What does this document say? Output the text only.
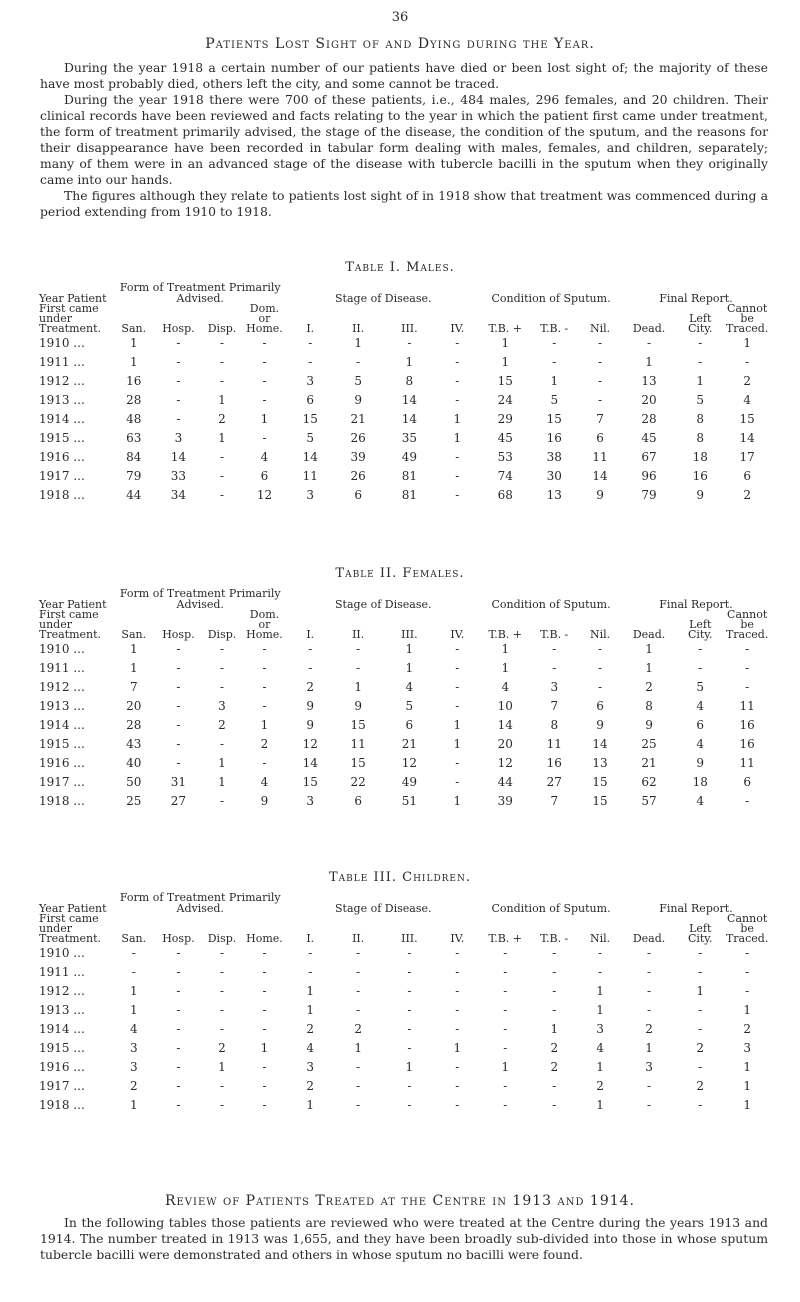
36
Patients Lost Sight of and Dying during the Year.

During the year 1918 a certain number of our patients have died or been lost sight of; the majority of these have most probably died, others left the city, and some cannot be traced.

During the year 1918 there were 700 of these patients, i.e., 484 males, 296 females, and 20 children. Their clinical records have been reviewed and facts relating to the year in which the patient first came under treatment, the form of treatment primarily advised, the stage of the disease, the condition of the sputum, and the reasons for their disappearance have been recorded in tabular form dealing with males, females, and children, separately; many of them were in an advanced stage of the disease with tubercle bacilli in the sputum when they originally came into our hands.

The figures although they relate to patients lost sight of in 1918 show that treatment was commenced during a period extending from 1910 to 1918.

Table I. Males.
Year Patient	Form of Treatment Primarily Advised.				Stage of Disease.				Condition of Sputum.			Final Report.		
First came				Dom.										Cannot
under				or									Left	be
Treatment.	San.	Hosp.	Disp.	Home.	I.	II.	III.	IV.	T.B. +	T.B. -	Nil.	Dead.	City.	Traced.
1910 ...	1	-	-	-	-	1	-	-	1	-	-	-	-	1
1911 ...	1	-	-	-	-	-	1	-	1	-	-	1	-	-
1912 ...	16	-	-	-	3	5	8	-	15	1	-	13	1	2
1913 ...	28	-	1	-	6	9	14	-	24	5	-	20	5	4
1914 ...	48	-	2	1	15	21	14	1	29	15	7	28	8	15
1915 ...	63	3	1	-	5	26	35	1	45	16	6	45	8	14
1916 ...	84	14	-	4	14	39	49	-	53	38	11	67	18	17
1917 ...	79	33	-	6	11	26	81	-	74	30	14	96	16	6
1918 ...	44	34	-	12	3	6	81	-	68	13	9	79	9	2
Table II. Females.
Year Patient	Form of Treatment Primarily Advised.				Stage of Disease.				Condition of Sputum.			Final Report.		
First came				Dom.										Cannot
under				or									Left	be
Treatment.	San.	Hosp.	Disp.	Home.	I.	II.	III.	IV.	T.B. +	T.B. -	Nil.	Dead.	City.	Traced.
1910 ...	1	-	-	-	-	-	1	-	1	-	-	1	-	-
1911 ...	1	-	-	-	-	-	1	-	1	-	-	1	-	-
1912 ...	7	-	-	-	2	1	4	-	4	3	-	2	5	-
1913 ...	20	-	3	-	9	9	5	-	10	7	6	8	4	11
1914 ...	28	-	2	1	9	15	6	1	14	8	9	9	6	16
1915 ...	43	-	-	2	12	11	21	1	20	11	14	25	4	16
1916 ...	40	-	1	-	14	15	12	-	12	16	13	21	9	11
1917 ...	50	31	1	4	15	22	49	-	44	27	15	62	18	6
1918 ...	25	27	-	9	3	6	51	1	39	7	15	57	4	-
Table III. Children.
Year Patient	Form of Treatment Primarily Advised.				Stage of Disease.				Condition of Sputum.			Final Report.		
First came														Cannot
under													Left	be
Treatment.	San.	Hosp.	Disp.	Home.	I.	II.	III.	IV.	T.B. +	T.B. -	Nil.	Dead.	City.	Traced.
1910 ...	-	-	-	-	-	-	-	-	-	-	-	-	-	-
1911 ...	-	-	-	-	-	-	-	-	-	-	-	-	-	-
1912 ...	1	-	-	-	1	-	-	-	-	-	1	-	1	-
1913 ...	1	-	-	-	1	-	-	-	-	-	1	-	-	1
1914 ...	4	-	-	-	2	2	-	-	-	1	3	2	-	2
1915 ...	3	-	2	1	4	1	-	1	-	2	4	1	2	3
1916 ...	3	-	1	-	3	-	1	-	1	2	1	3	-	1
1917 ...	2	-	-	-	2	-	-	-	-	-	2	-	2	1
1918 ...	1	-	-	-	1	-	-	-	-	-	1	-	-	1
Review of Patients Treated at the Centre in 1913 and 1914.

In the following tables those patients are reviewed who were treated at the Centre during the years 1913 and 1914. The number treated in 1913 was 1,655, and they have been broadly sub-divided into those in whose sputum tubercle bacilli were demonstrated and others in whose sputum no bacilli were found.
